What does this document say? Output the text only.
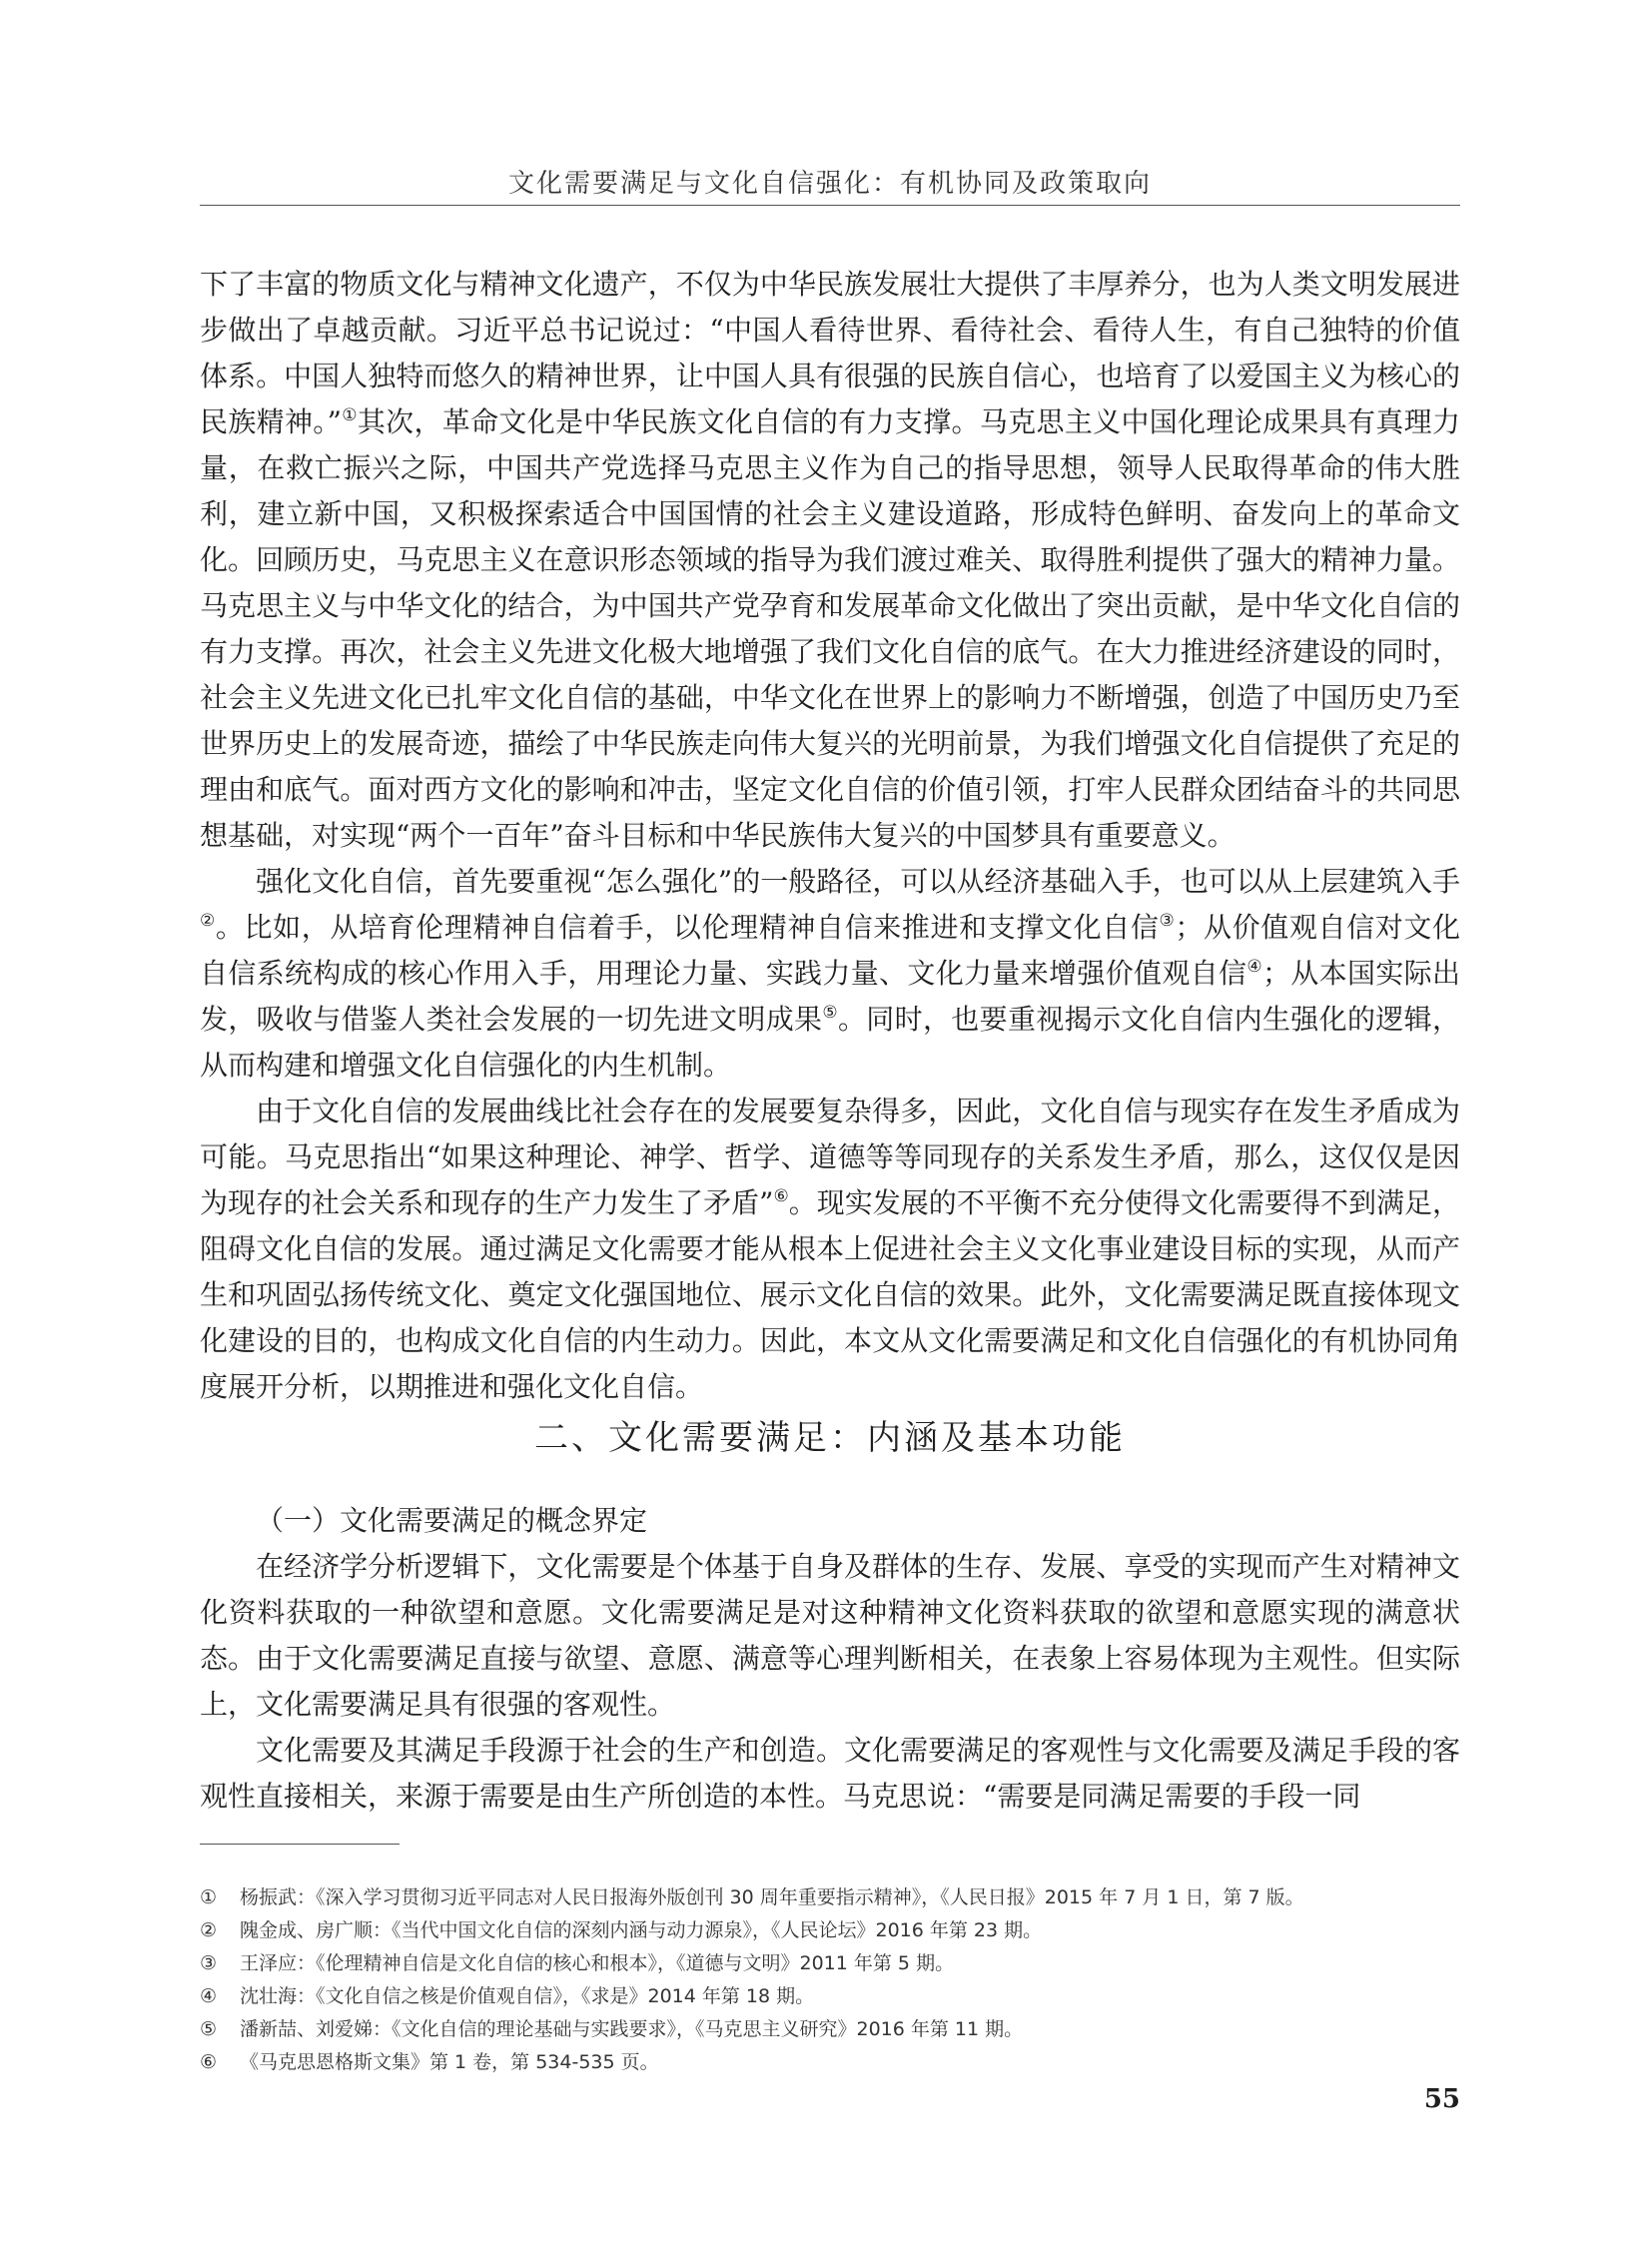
文化需要满足与文化自信强化：有机协同及政策取向

下了丰富的物质文化与精神文化遗产，不仅为中华民族发展壮大提供了丰厚养分，也为人类文明发展进步做出了卓越贡献。习近平总书记说过：“中国人看待世界、看待社会、看待人生，有自己独特的价值体系。中国人独特而悠久的精神世界，让中国人具有很强的民族自信心，也培育了以爱国主义为核心的民族精神。”①其次，革命文化是中华民族文化自信的有力支撑。马克思主义中国化理论成果具有真理力量，在救亡振兴之际，中国共产党选择马克思主义作为自己的指导思想，领导人民取得革命的伟大胜利，建立新中国，又积极探索适合中国国情的社会主义建设道路，形成特色鲜明、奋发向上的革命文化。回顾历史，马克思主义在意识形态领域的指导为我们渡过难关、取得胜利提供了强大的精神力量。马克思主义与中华文化的结合，为中国共产党孕育和发展革命文化做出了突出贡献，是中华文化自信的有力支撑。再次，社会主义先进文化极大地增强了我们文化自信的底气。在大力推进经济建设的同时，社会主义先进文化已扎牢文化自信的基础，中华文化在世界上的影响力不断增强，创造了中国历史乃至世界历史上的发展奇迹，描绘了中华民族走向伟大复兴的光明前景，为我们增强文化自信提供了充足的理由和底气。面对西方文化的影响和冲击，坚定文化自信的价值引领，打牢人民群众团结奋斗的共同思想基础，对实现“两个一百年”奋斗目标和中华民族伟大复兴的中国梦具有重要意义。

强化文化自信，首先要重视“怎么强化”的一般路径，可以从经济基础入手，也可以从上层建筑入手②。比如，从培育伦理精神自信着手，以伦理精神自信来推进和支撑文化自信③；从价值观自信对文化自信系统构成的核心作用入手，用理论力量、实践力量、文化力量来增强价值观自信④；从本国实际出发，吸收与借鉴人类社会发展的一切先进文明成果⑤。同时，也要重视揭示文化自信内生强化的逻辑，从而构建和增强文化自信强化的内生机制。

由于文化自信的发展曲线比社会存在的发展要复杂得多，因此，文化自信与现实存在发生矛盾成为可能。马克思指出“如果这种理论、神学、哲学、道德等等同现存的关系发生矛盾，那么，这仅仅是因为现存的社会关系和现存的生产力发生了矛盾”⑥。现实发展的不平衡不充分使得文化需要得不到满足，阻碍文化自信的发展。通过满足文化需要才能从根本上促进社会主义文化事业建设目标的实现，从而产生和巩固弘扬传统文化、奠定文化强国地位、展示文化自信的效果。此外，文化需要满足既直接体现文化建设的目的，也构成文化自信的内生动力。因此，本文从文化需要满足和文化自信强化的有机协同角度展开分析，以期推进和强化文化自信。

二、文化需要满足：内涵及基本功能

（一）文化需要满足的概念界定

在经济学分析逻辑下，文化需要是个体基于自身及群体的生存、发展、享受的实现而产生对精神文化资料获取的一种欲望和意愿。文化需要满足是对这种精神文化资料获取的欲望和意愿实现的满意状态。由于文化需要满足直接与欲望、意愿、满意等心理判断相关，在表象上容易体现为主观性。但实际上，文化需要满足具有很强的客观性。

文化需要及其满足手段源于社会的生产和创造。文化需要满足的客观性与文化需要及满足手段的客观性直接相关，来源于需要是由生产所创造的本性。马克思说：“需要是同满足需要的手段一同

①	杨振武：《深入学习贯彻习近平同志对人民日报海外版创刊 30 周年重要指示精神》，《人民日报》2015 年 7 月 1 日，第 7 版。
②	隗金成、房广顺：《当代中国文化自信的深刻内涵与动力源泉》，《人民论坛》2016 年第 23 期。
③	王泽应：《伦理精神自信是文化自信的核心和根本》，《道德与文明》2011 年第 5 期。
④	沈壮海：《文化自信之核是价值观自信》，《求是》2014 年第 18 期。
⑤	潘新喆、刘爱娣：《文化自信的理论基础与实践要求》，《马克思主义研究》2016 年第 11 期。
⑥	《马克思恩格斯文集》第 1 卷，第 534-535 页。
55
